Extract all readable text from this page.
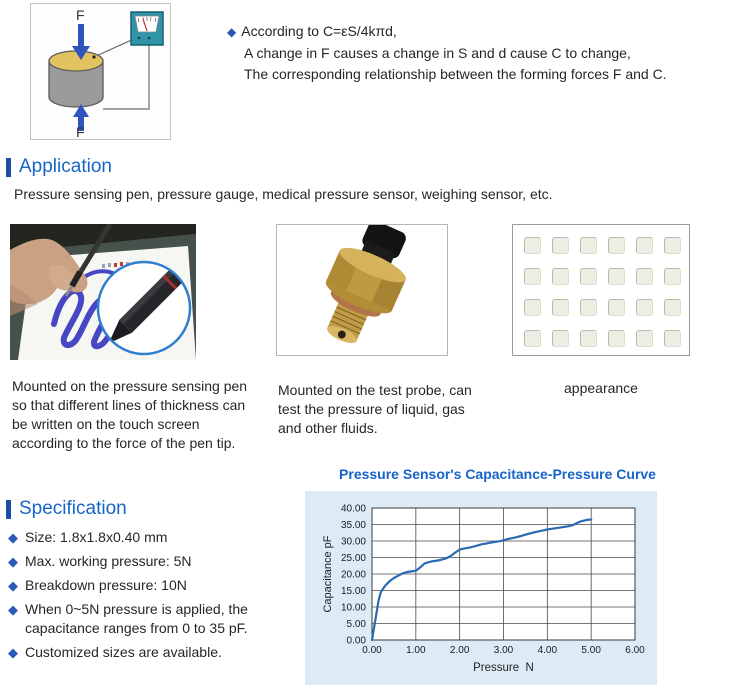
F
F
◆ According to C=εS/4kπd,
A change in F causes a change in S and d cause C to change,
The corresponding relationship between the forming forces F and C.
Application
Pressure sensing pen, pressure gauge, medical pressure sensor, weighing sensor, etc.
Mounted on the pressure sensing pen so that different lines of thickness can be written on the touch screen according to the force of the pen tip.
Mounted on the test probe, can test the pressure of liquid, gas and other fluids.
appearance
Specification
◆ Size: 1.8x1.8x0.40 mm
◆ Max. working pressure: 5N
◆ Breakdown pressure: 10N
◆ When 0~5N pressure is applied, the capacitance ranges from 0 to 35 pF.
◆ Customized sizes are available.
Pressure Sensor's Capacitance-Pressure Curve
0.00 1.00 2.00 3.00 4.00 5.00 6.00
0.00
5.00
10.00
15.00
20.00
25.00
30.00
35.00
40.00
Capacitance pF
Pressure  N
